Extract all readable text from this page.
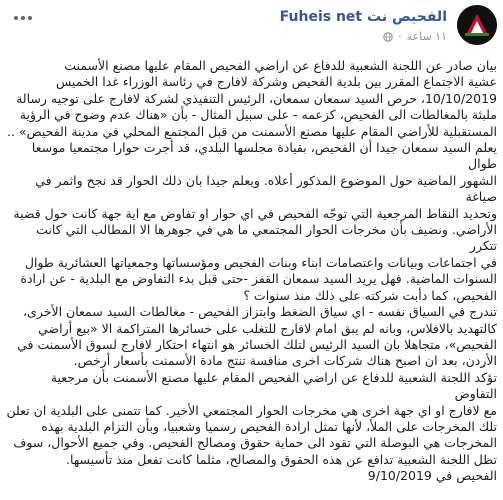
الفحيص نت Fuheis net
١١ ساعة
·

بيان صادر عن اللجنة الشعبية للدفاع عن اراضي الفحيص المقام عليها مصنع الأسمنت

عشية الاجتماع المقرر بين بلدية الفحيص وشركة لافارج في رئاسة الوزراء غدا الخميس

10/10/2019، حرص السيد سمعان سمعان، الرئيس التنفيذي لشركة لافارج على توجيه رسالة

ملبئة بالمغالطات الى الفحيص، كزعمه - على سبيل المثال - بأن «هناك عدم وضوح في الرؤية

المستقبلية للأراضي المقام عليها مصنع الأسمنت من قبل المجتمع المحلي في مدينة الفحيص» ..

يعلم السيد سمعان جيدا أن الفحيص، بقيادة مجلسها البلدي، قد أجرت حوارا مجتمعيا موسعا طوال

الشهور الماضية حول الموضوع المذكور أعلاه. ويعلم جيدا بان ذلك الحوار قد نجح واثمر في صياغة

وتحديد النقاط المرجعية التي توجّه الفحيص في اي حوار او تفاوض مع اية جهة كانت حول قضية

الأراضي. ونضيف بأن مخرجات الحوار المجتمعي ما هي في جوهرها الا المطالب التي كانت تتكرر

في اجتماعات وبيانات واعتصامات ابناء وبنات الفحيص ومؤسساتها وجمعياتها العشائرية طوال

السنوات الماضية. فهل يريد السيد سمعان القفز -حتى قبل بدء التفاوض مع البلدية - عن ارادة

الفحيص، كما دأبت شركته على ذلك منذ سنوات ؟

تندرج في السياق نفسه - اي سياق الضغط وابتزاز الفحيص - مغالطات السيد سمعان الأخرى،

كالتهديد بالافلاس، وبانه لم يبق امام لافارج للتغلب على خسائرها المتراكمة الا «بيع أراضي

الفحيص»، متجاهلا بان السيد الرئيس لتلك الخسائر هو انتهاء احتكار لافارج لسوق الأسمنت في

الأردن، بعد ان اصبح هناك شركات اخرى منافسة تنتج مادة الأسمنت بأسعار أرخص.

تؤكد اللجنة الشعبية للدفاع عن اراضي الفحيص المقام عليها مصنع الأسمنت بأن مرجعية التفاوض

مع لافارج او اي جهة اخرى هي مخرجات الحوار المجتمعي الأخير. كما تتمنى على البلدية ان تعلن

تلك المخرجات على الملأ، لأنها تمثل ارادة الفحيص رسميا وشعبيا، وبأن التزام البلدية بهذه

المخرجات هي البوصلة التي تقود الى حماية حقوق ومصالح الفحيص. وفي جميع الأحوال، سوف

تظل اللجنة الشعبية تدافع عن هذه الحقوق والمصالح، مثلما كانت تفعل منذ تأسيسها.

الفحيص في 9/10/2019
